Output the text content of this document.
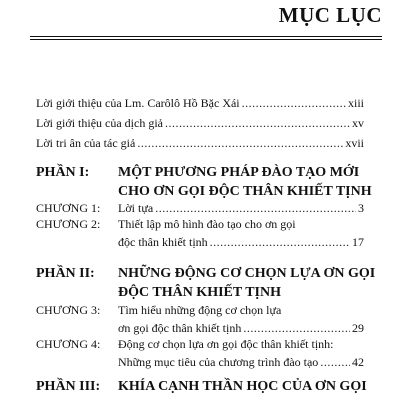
MỤC LỤC
Lời giới thiệu của Lm. Carôlô Hồ Bặc Xái .....	xiii
Lời giới thiệu của dịch giả .....	xv
Lời tri ân của tác giả .....	xvii
PHẦN I:	MỘT PHƯƠNG PHÁP ĐÀO TẠO MỚI
CHO ƠN GỌI ĐỘC THÂN KHIẾT TỊNH
CHƯƠNG 1:	Lời tựa .....	3
CHƯƠNG 2:	Thiết lập mô hình đào tạo cho ơn gọi
độc thân khiết tịnh .....	17
PHẦN II:	NHỮNG ĐỘNG CƠ CHỌN LỰA ƠN GỌI
ĐỘC THÂN KHIẾT TỊNH
CHƯƠNG 3:	Tìm hiểu những động cơ chọn lựa
ơn gọi độc thân khiết tịnh .....	29
CHƯƠNG 4:	Động cơ chọn lựa ơn gọi độc thân khiết tịnh:
Những mục tiêu của chương trình đào tạo .....	42
PHẦN III:	KHÍA CẠNH THẦN HỌC CỦA ƠN GỌI
